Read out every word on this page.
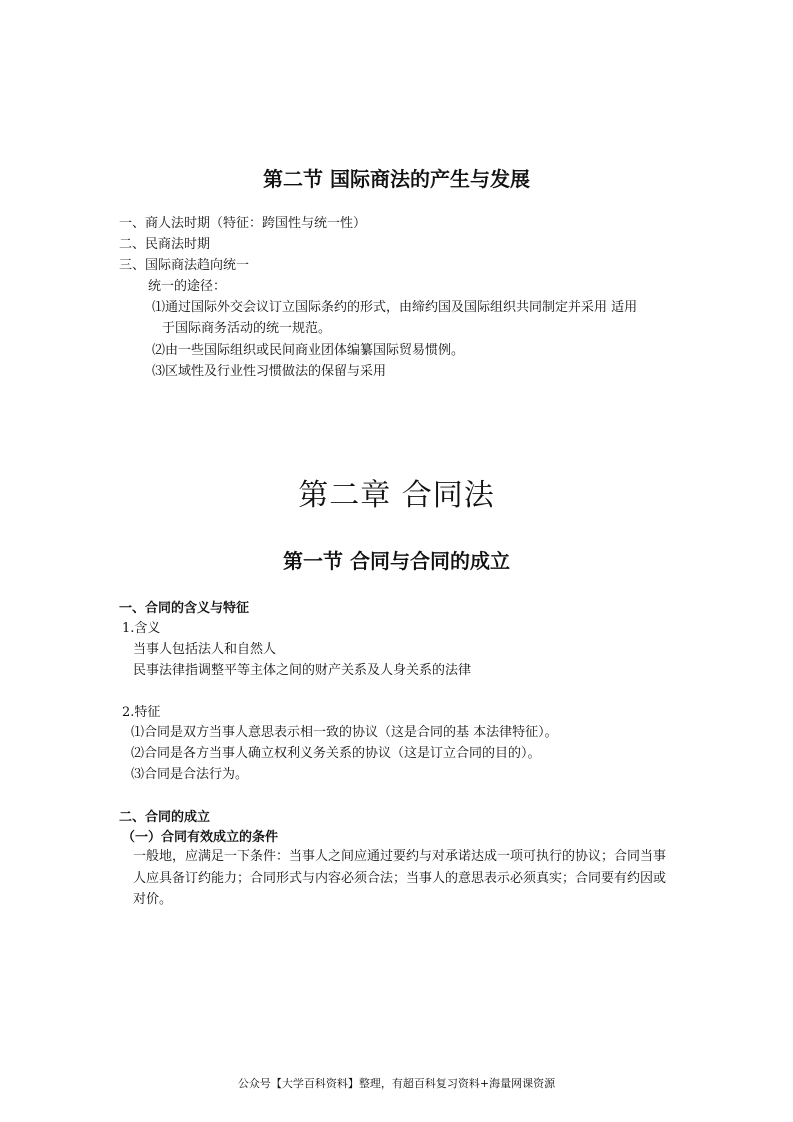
第二节 国际商法的产生与发展
一、商人法时期（特征：跨国性与统一性）
二、民商法时期
三、国际商法趋向统一
统一的途径：
⑴通过国际外交会议订立国际条约的形式，由缔约国及国际组织共同制定并采用 适用
于国际商务活动的统一规范。
⑵由一些国际组织或民间商业团体编纂国际贸易惯例。
⑶区域性及行业性习惯做法的保留与采用
第二章 合同法
第一节 合同与合同的成立
一、合同的含义与特征
1.含义
当事人包括法人和自然人
民事法律指调整平等主体之间的财产关系及人身关系的法律
2.特征
⑴合同是双方当事人意思表示相一致的协议（这是合同的基 本法律特征）。
⑵合同是各方当事人确立权利义务关系的协议（这是订立合同的目的）。
⑶合同是合法行为。
二、合同的成立
（一）合同有效成立的条件
一般地，应满足一下条件：当事人之间应通过要约与对承诺达成一项可执行的协议；合同当事人应具备订约能力；合同形式与内容必须合法；当事人的意思表示必须真实；合同要有约因或对价。
公众号【大学百科资料】整理，有超百科复习资料+海量网课资源
